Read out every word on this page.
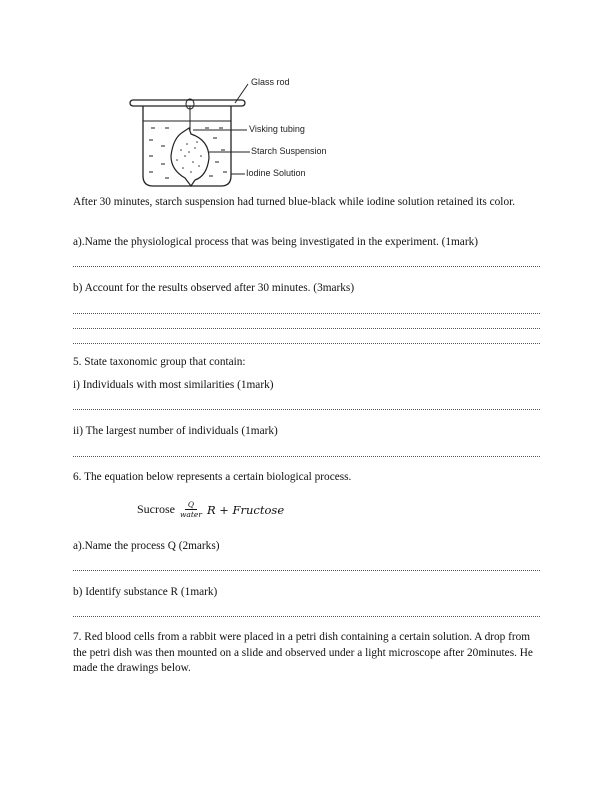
Glass rod
Visking tubing
Starch Suspension
Iodine Solution
After 30 minutes, starch suspension had turned blue-black while iodine solution retained its color.
a).Name the physiological process that was being investigated in the experiment. (1mark)
b) Account for the results observed after 30 minutes. (3marks)
5. State taxonomic group that contain:
i) Individuals with most similarities (1mark)
ii) The largest number of individuals (1mark)
6. The equation below represents a certain biological process.
Sucrose $\frac{Q}{\text{water}}$ R + Fructose
a).Name the process Q (2marks)
b) Identify substance R (1mark)
7. Red blood cells from a rabbit were placed in a petri dish containing a certain solution. A drop from the petri dish was then mounted on a slide and observed under a light microscope after 20minutes. He made the drawings below.
